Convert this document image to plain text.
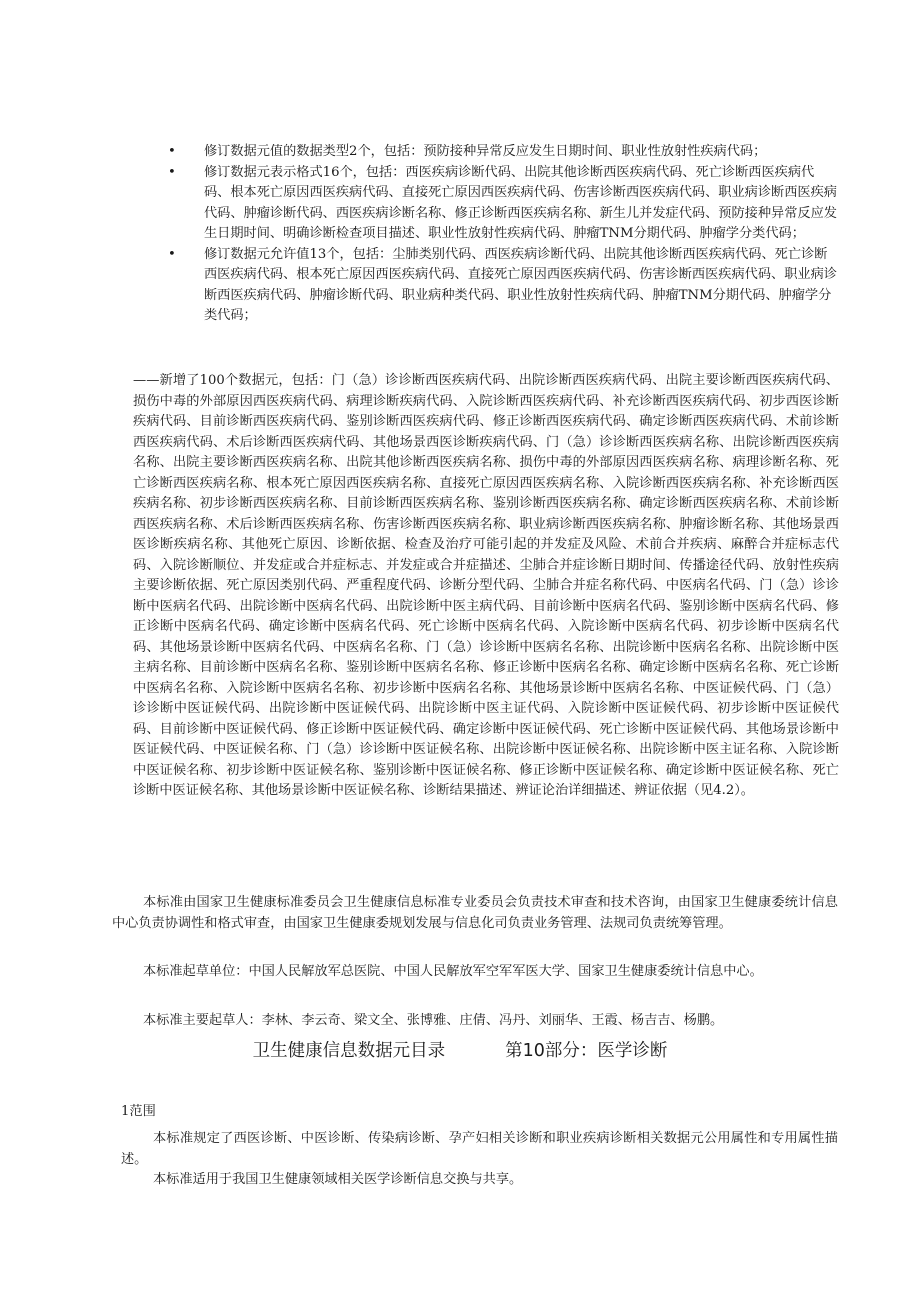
• 修订数据元值的数据类型2个，包括：预防接种异常反应发生日期时间、职业性放射性疾病代码；
• 修订数据元表示格式16个，包括：西医疾病诊断代码、出院其他诊断西医疾病代码、死亡诊断西医疾病代码、根本死亡原因西医疾病代码、直接死亡原因西医疾病代码、伤害诊断西医疾病代码、职业病诊断西医疾病代码、肿瘤诊断代码、西医疾病诊断名称、修正诊断西医疾病名称、新生儿并发症代码、预防接种异常反应发生日期时间、明确诊断检查项目描述、职业性放射性疾病代码、肿瘤TNM分期代码、肿瘤学分类代码；
• 修订数据元允许值13个，包括：尘肺类别代码、西医疾病诊断代码、出院其他诊断西医疾病代码、死亡诊断西医疾病代码、根本死亡原因西医疾病代码、直接死亡原因西医疾病代码、伤害诊断西医疾病代码、职业病诊断西医疾病代码、肿瘤诊断代码、职业病种类代码、职业性放射性疾病代码、肿瘤TNM分期代码、肿瘤学分类代码；

——新增了100个数据元，包括：门（急）诊诊断西医疾病代码、出院诊断西医疾病代码、出院主要诊断西医疾病代码、损伤中毒的外部原因西医疾病代码、病理诊断疾病代码、入院诊断西医疾病代码、补充诊断西医疾病代码、初步西医诊断疾病代码、目前诊断西医疾病代码、鉴别诊断西医疾病代码、修正诊断西医疾病代码、确定诊断西医疾病代码、术前诊断西医疾病代码、术后诊断西医疾病代码、其他场景西医诊断疾病代码、门（急）诊诊断西医疾病名称、出院诊断西医疾病名称、出院主要诊断西医疾病名称、出院其他诊断西医疾病名称、损伤中毒的外部原因西医疾病名称、病理诊断名称、死亡诊断西医疾病名称、根本死亡原因西医疾病名称、直接死亡原因西医疾病名称、入院诊断西医疾病名称、补充诊断西医疾病名称、初步诊断西医疾病名称、目前诊断西医疾病名称、鉴别诊断西医疾病名称、确定诊断西医疾病名称、术前诊断西医疾病名称、术后诊断西医疾病名称、伤害诊断西医疾病名称、职业病诊断西医疾病名称、肿瘤诊断名称、其他场景西医诊断疾病名称、其他死亡原因、诊断依据、检查及治疗可能引起的并发症及风险、术前合并疾病、麻醉合并症标志代码、入院诊断顺位、并发症或合并症标志、并发症或合并症描述、尘肺合并症诊断日期时间、传播途径代码、放射性疾病主要诊断依据、死亡原因类别代码、严重程度代码、诊断分型代码、尘肺合并症名称代码、中医病名代码、门（急）诊诊断中医病名代码、出院诊断中医病名代码、出院诊断中医主病代码、目前诊断中医病名代码、鉴别诊断中医病名代码、修正诊断中医病名代码、确定诊断中医病名代码、死亡诊断中医病名代码、入院诊断中医病名代码、初步诊断中医病名代码、其他场景诊断中医病名代码、中医病名名称、门（急）诊诊断中医病名名称、出院诊断中医病名名称、出院诊断中医主病名称、目前诊断中医病名名称、鉴别诊断中医病名名称、修正诊断中医病名名称、确定诊断中医病名名称、死亡诊断中医病名名称、入院诊断中医病名名称、初步诊断中医病名名称、其他场景诊断中医病名名称、中医证候代码、门（急）诊诊断中医证候代码、出院诊断中医证候代码、出院诊断中医主证代码、入院诊断中医证候代码、初步诊断中医证候代码、目前诊断中医证候代码、修正诊断中医证候代码、确定诊断中医证候代码、死亡诊断中医证候代码、其他场景诊断中医证候代码、中医证候名称、门（急）诊诊断中医证候名称、出院诊断中医证候名称、出院诊断中医主证名称、入院诊断中医证候名称、初步诊断中医证候名称、鉴别诊断中医证候名称、修正诊断中医证候名称、确定诊断中医证候名称、死亡诊断中医证候名称、其他场景诊断中医证候名称、诊断结果描述、辨证论治详细描述、辨证依据（见4.2）。

本标准由国家卫生健康标准委员会卫生健康信息标准专业委员会负责技术审查和技术咨询，由国家卫生健康委统计信息中心负责协调性和格式审查，由国家卫生健康委规划发展与信息化司负责业务管理、法规司负责统筹管理。

本标准起草单位：中国人民解放军总医院、中国人民解放军空军军医大学、国家卫生健康委统计信息中心。

本标准主要起草人：李林、李云奇、梁文全、张博雅、庄倩、冯丹、刘丽华、王霞、杨吉吉、杨鹏。

卫生健康信息数据元目录	第10部分：医学诊断

1范围

本标准规定了西医诊断、中医诊断、传染病诊断、孕产妇相关诊断和职业疾病诊断相关数据元公用属性和专用属性描述。

本标准适用于我国卫生健康领域相关医学诊断信息交换与共享。
